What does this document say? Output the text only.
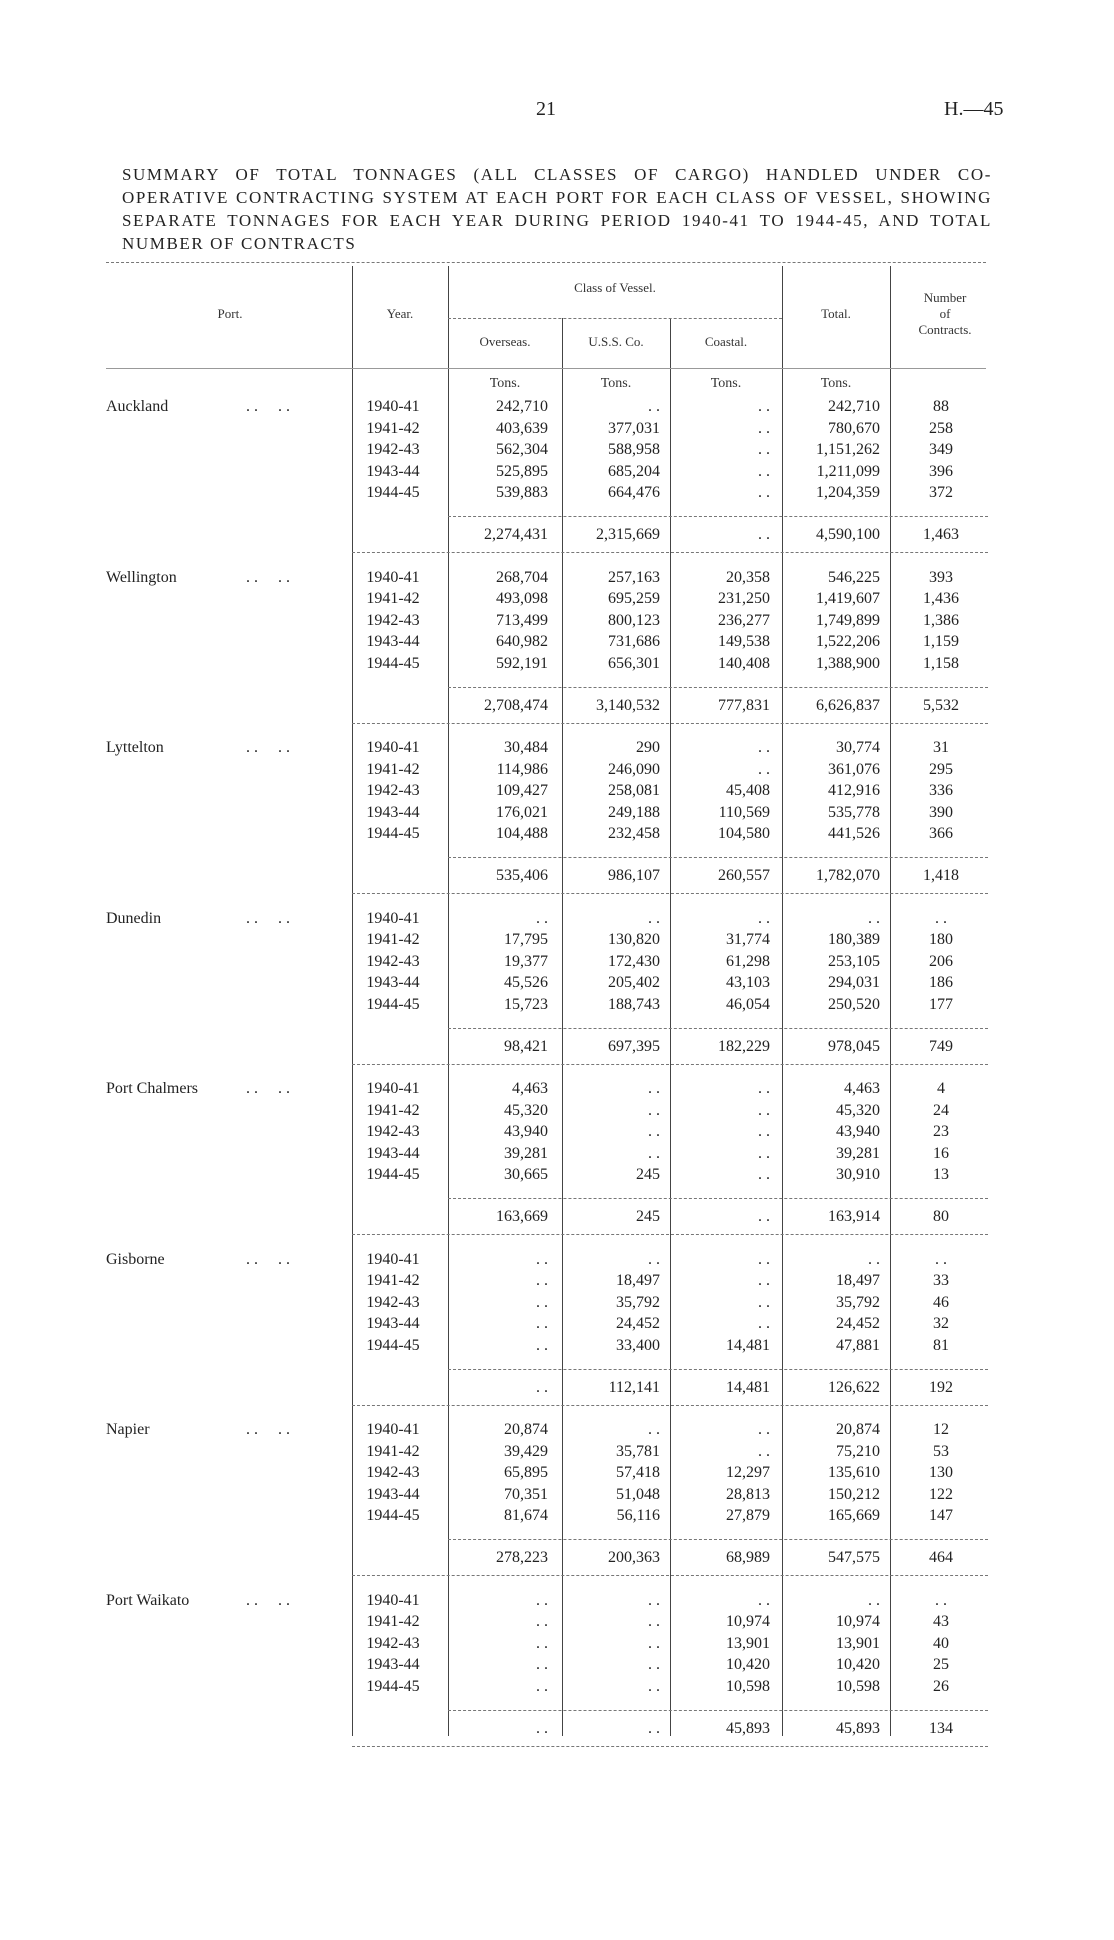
21	H.—45
SUMMARY OF TOTAL TONNAGES (ALL CLASSES OF CARGO) HANDLED UNDER CO-OPERATIVE CONTRACTING SYSTEM AT EACH PORT FOR EACH CLASS OF VESSEL, SHOWING SEPARATE TONNAGES FOR EACH YEAR DURING PERIOD 1940-41 TO 1944-45, AND TOTAL NUMBER OF CONTRACTS
Port.	Year.
Class of Vessel.
Overseas.	U.S.S. Co.	Coastal.
Total.
Number
of
Contracts.
Tons.	Tons.	Tons.	Tons.
Auckland	. .     . .	1940-41	242,710	. .	. .	242,710	88
1941-42	403,639	377,031	. .	780,670	258
1942-43	562,304	588,958	. .	1,151,262	349
1943-44	525,895	685,204	. .	1,211,099	396
1944-45	539,883	664,476	. .	1,204,359	372
2,274,431	2,315,669	. .	4,590,100	1,463
Wellington	. .     . .	1940-41	268,704	257,163	20,358	546,225	393
1941-42	493,098	695,259	231,250	1,419,607	1,436
1942-43	713,499	800,123	236,277	1,749,899	1,386
1943-44	640,982	731,686	149,538	1,522,206	1,159
1944-45	592,191	656,301	140,408	1,388,900	1,158
2,708,474	3,140,532	777,831	6,626,837	5,532
Lyttelton	. .     . .	1940-41	30,484	290	. .	30,774	31
1941-42	114,986	246,090	. .	361,076	295
1942-43	109,427	258,081	45,408	412,916	336
1943-44	176,021	249,188	110,569	535,778	390
1944-45	104,488	232,458	104,580	441,526	366
535,406	986,107	260,557	1,782,070	1,418
Dunedin	. .     . .	1940-41	. .	. .	. .	. .	. .
1941-42	17,795	130,820	31,774	180,389	180
1942-43	19,377	172,430	61,298	253,105	206
1943-44	45,526	205,402	43,103	294,031	186
1944-45	15,723	188,743	46,054	250,520	177
98,421	697,395	182,229	978,045	749
Port Chalmers	. .     . .	1940-41	4,463	. .	. .	4,463	4
1941-42	45,320	. .	. .	45,320	24
1942-43	43,940	. .	. .	43,940	23
1943-44	39,281	. .	. .	39,281	16
1944-45	30,665	245	. .	30,910	13
163,669	245	. .	163,914	80
Gisborne	. .     . .	1940-41	. .	. .	. .	. .	. .
1941-42	. .	18,497	. .	18,497	33
1942-43	. .	35,792	. .	35,792	46
1943-44	. .	24,452	. .	24,452	32
1944-45	. .	33,400	14,481	47,881	81
. .	112,141	14,481	126,622	192
Napier	. .     . .	1940-41	20,874	. .	. .	20,874	12
1941-42	39,429	35,781	. .	75,210	53
1942-43	65,895	57,418	12,297	135,610	130
1943-44	70,351	51,048	28,813	150,212	122
1944-45	81,674	56,116	27,879	165,669	147
278,223	200,363	68,989	547,575	464
Port Waikato	. .     . .	1940-41	. .	. .	. .	. .	. .
1941-42	. .	. .	10,974	10,974	43
1942-43	. .	. .	13,901	13,901	40
1943-44	. .	. .	10,420	10,420	25
1944-45	. .	. .	10,598	10,598	26
. .	. .	45,893	45,893	134
